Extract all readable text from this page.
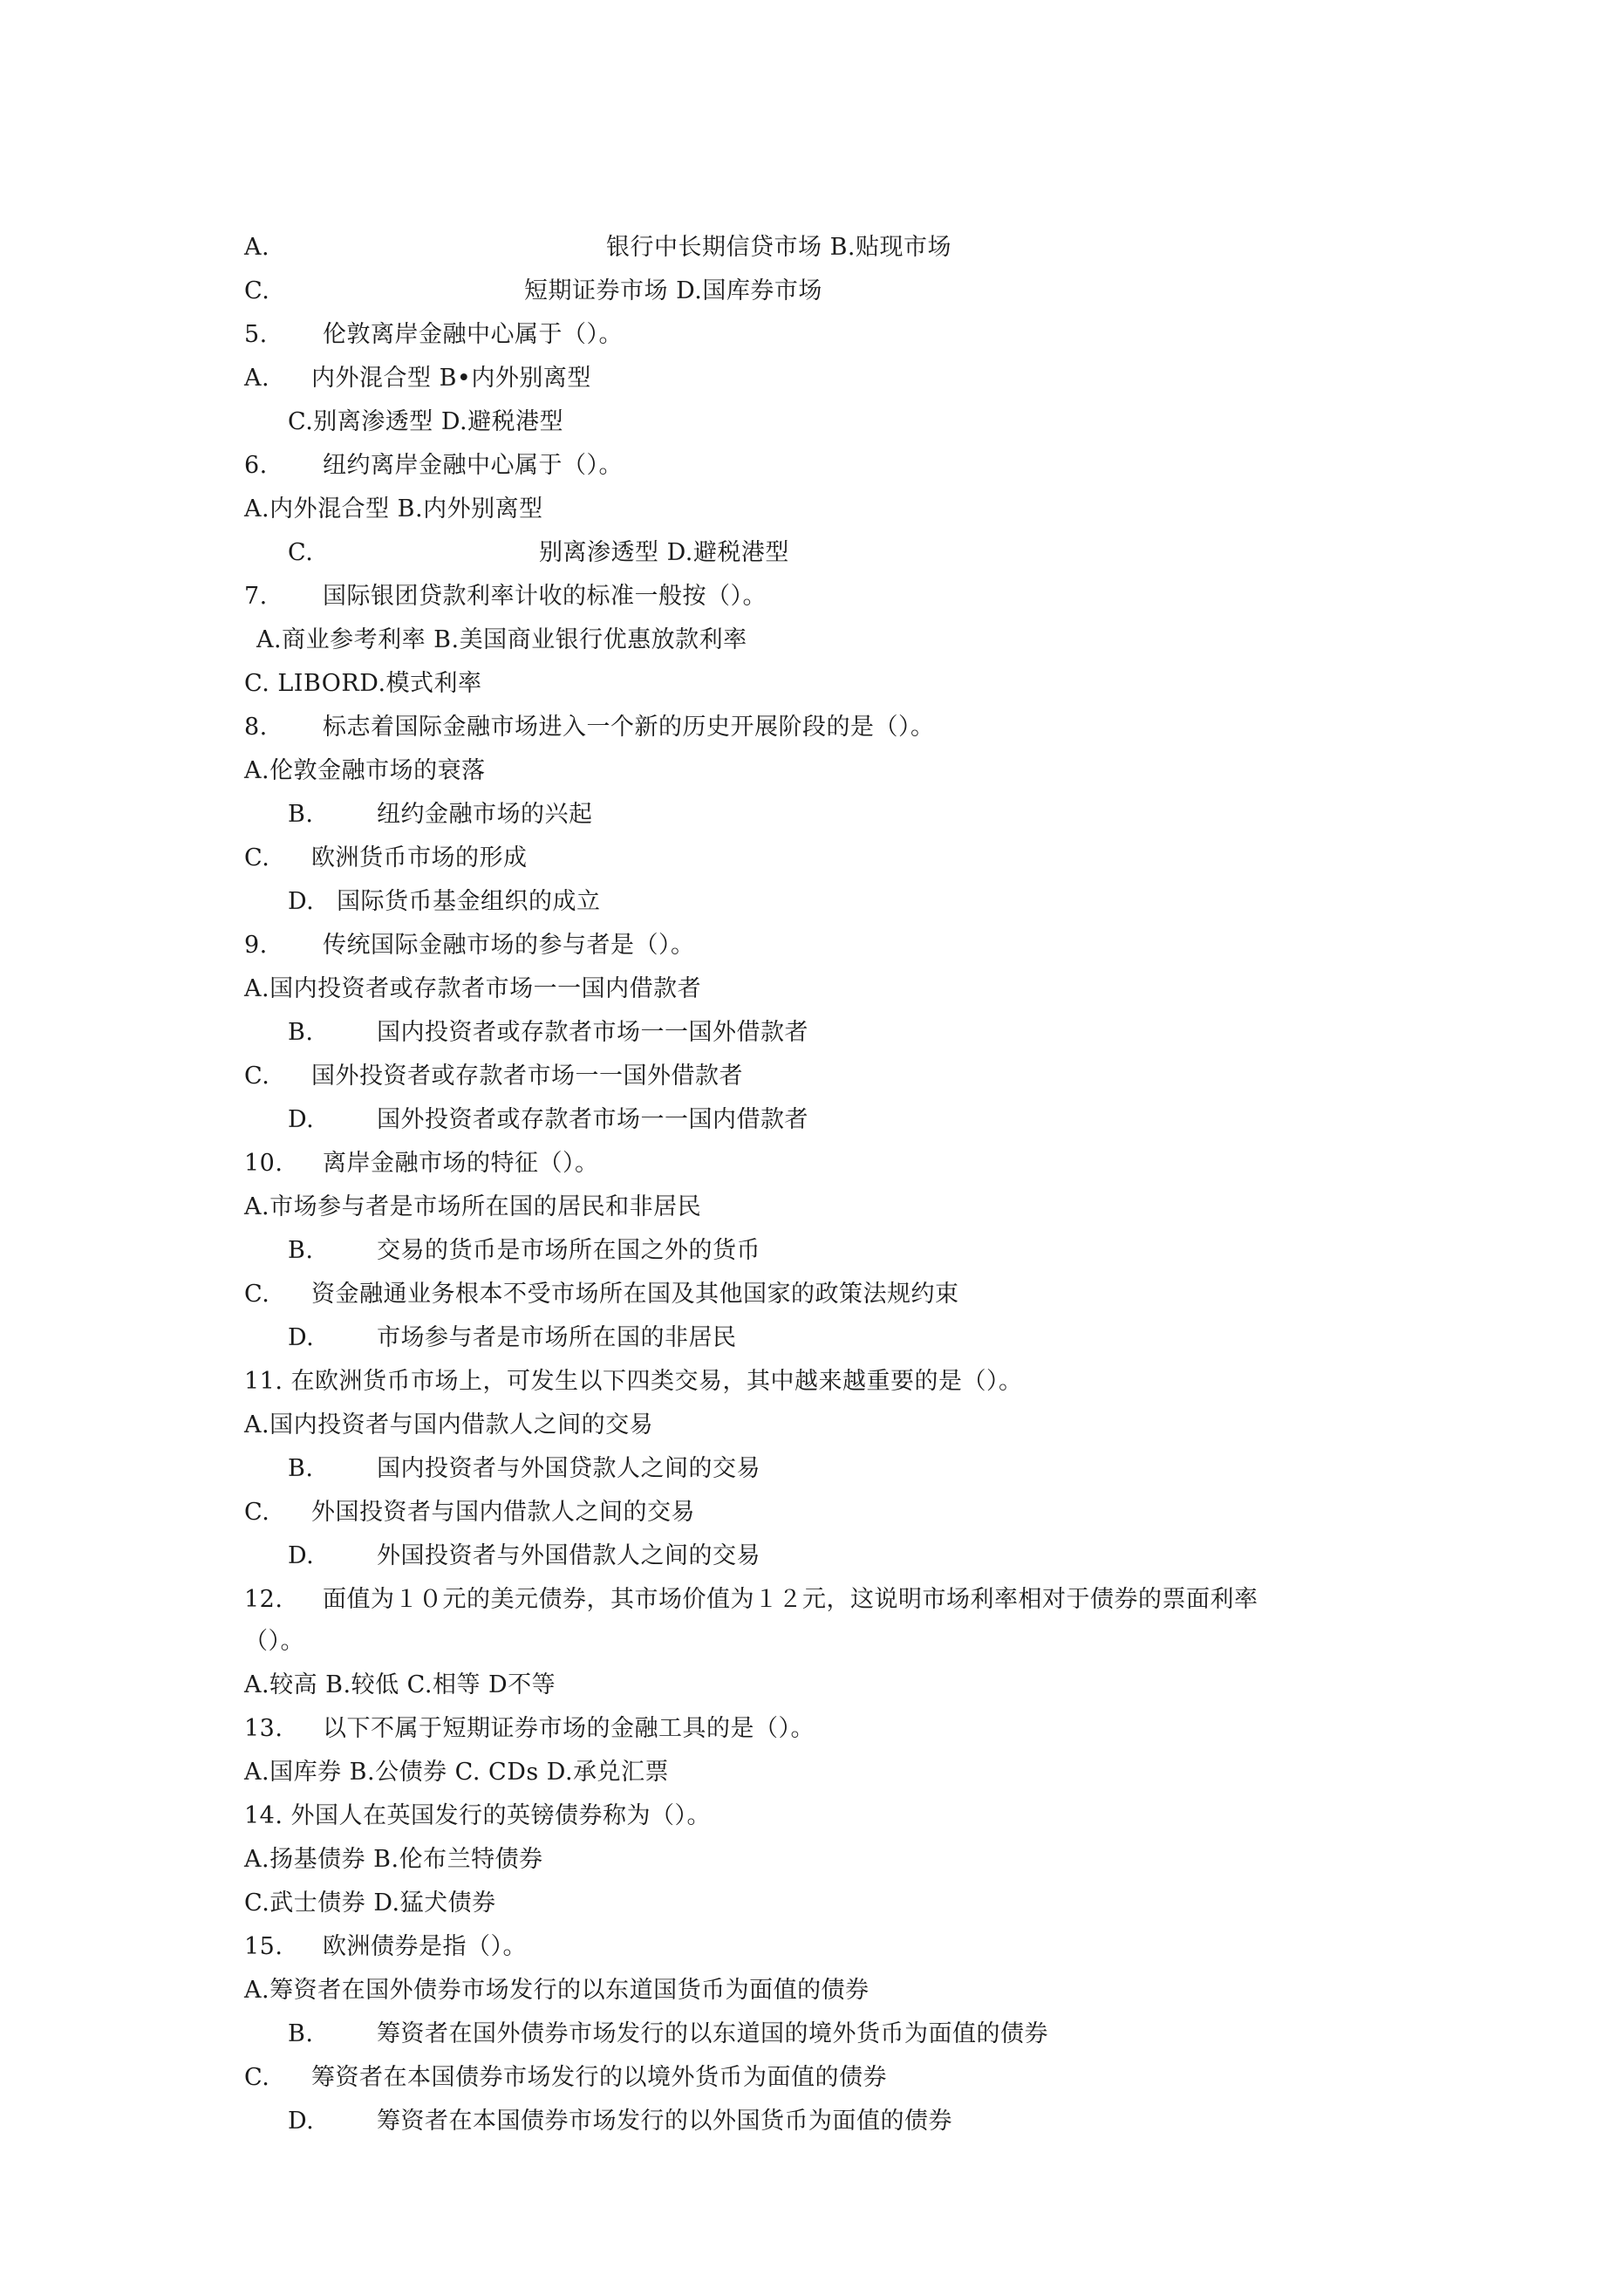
A.	银行中长期信贷市场 B.贴现市场
C.	短期证券市场 D.国库券市场
5. 伦敦离岸金融中心属于（）。
A. 内外混合型 B•内外别离型
C.别离渗透型 D.避税港型
6. 纽约离岸金融中心属于（）。
A.内外混合型 B.内外别离型
C.	别离渗透型 D.避税港型
7. 国际银团贷款利率计收的标准一般按（）。
A.商业参考利率 B.美国商业银行优惠放款利率
C. LIBORD.模式利率
8. 标志着国际金融市场进入一个新的历史开展阶段的是（）。
A.伦敦金融市场的衰落
B.	纽约金融市场的兴起
C. 欧洲货币市场的形成
D. 国际货币基金组织的成立
9. 传统国际金融市场的参与者是（）。
A.国内投资者或存款者市场一一国内借款者
B.	国内投资者或存款者市场一一国外借款者
C. 国外投资者或存款者市场一一国外借款者
D.	国外投资者或存款者市场一一国内借款者
10. 离岸金融市场的特征（）。
A.市场参与者是市场所在国的居民和非居民
B.	交易的货币是市场所在国之外的货币
C. 资金融通业务根本不受市场所在国及其他国家的政策法规约束
D.	市场参与者是市场所在国的非居民
11. 在欧洲货币市场上，可发生以下四类交易，其中越来越重要的是（）。
A.国内投资者与国内借款人之间的交易
B.	国内投资者与外国贷款人之间的交易
C. 外国投资者与国内借款人之间的交易
D.	外国投资者与外国借款人之间的交易
12. 面值为１０元的美元债券，其市场价值为１２元，这说明市场利率相对于债券的票面利率
（）。
A.较高 B.较低 C.相等 D不等
13. 以下不属于短期证券市场的金融工具的是（）。
A.国库券 B.公债券 C. CDs D.承兑汇票
14. 外国人在英国发行的英镑债券称为（）。
A.扬基债券 B.伦布兰特债券
C.武士债券 D.猛犬债券
15. 欧洲债券是指（）。
A.筹资者在国外债券市场发行的以东道国货币为面值的债券
B.	筹资者在国外债券市场发行的以东道国的境外货币为面值的债券
C. 筹资者在本国债券市场发行的以境外货币为面值的债券
D.	筹资者在本国债券市场发行的以外国货币为面值的债券
